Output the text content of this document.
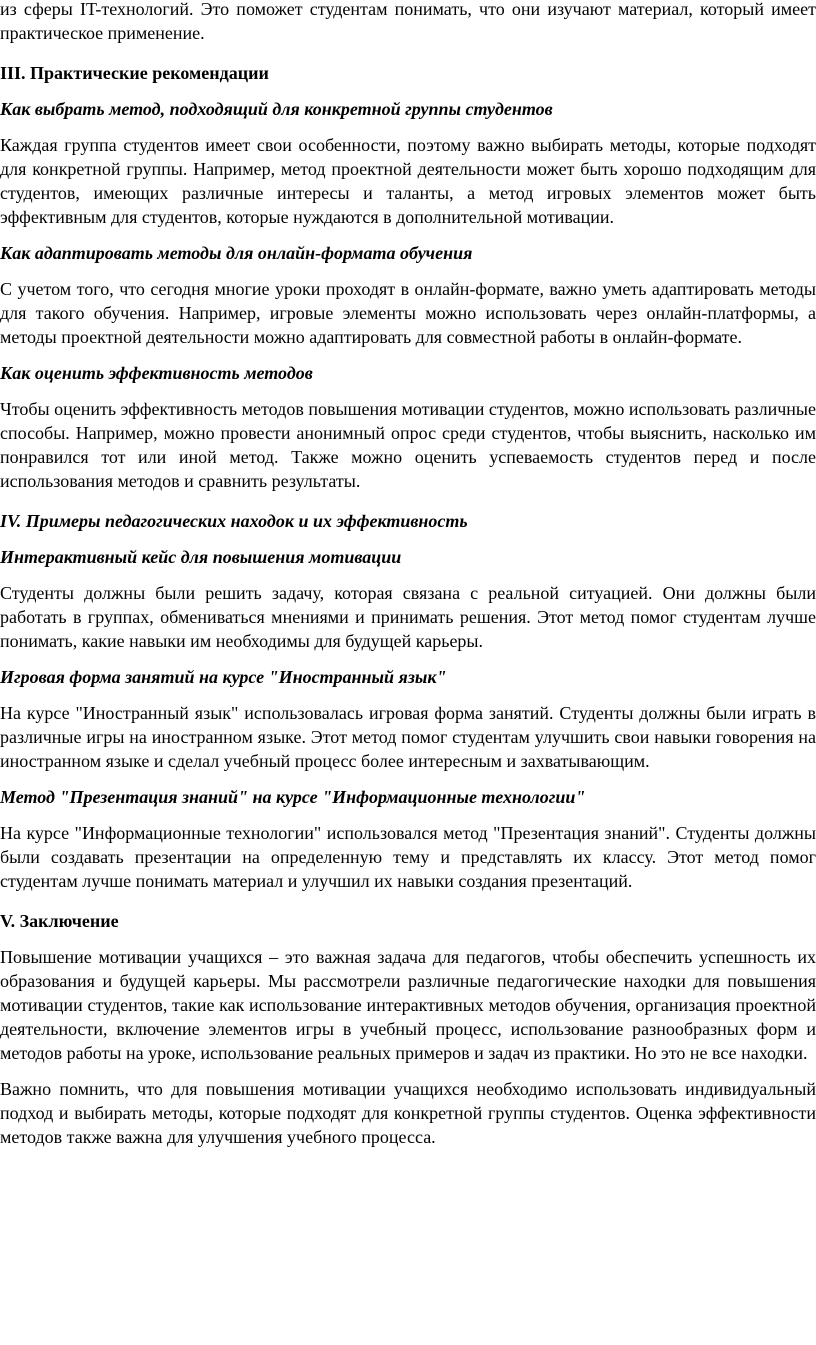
из сферы IT-технологий. Это поможет студентам понимать, что они изучают материал, который имеет практическое применение.

III. Практические рекомендации
Как выбрать метод, подходящий для конкретной группы студентов

Каждая группа студентов имеет свои особенности, поэтому важно выбирать методы, которые подходят для конкретной группы. Например, метод проектной деятельности может быть хорошо подходящим для студентов, имеющих различные интересы и таланты, а метод игровых элементов может быть эффективным для студентов, которые нуждаются в дополнительной мотивации.

Как адаптировать методы для онлайн-формата обучения

С учетом того, что сегодня многие уроки проходят в онлайн-формате, важно уметь адаптировать методы для такого обучения. Например, игровые элементы можно использовать через онлайн-платформы, а методы проектной деятельности можно адаптировать для совместной работы в онлайн-формате.

Как оценить эффективность методов

Чтобы оценить эффективность методов повышения мотивации студентов, можно использовать различные способы. Например, можно провести анонимный опрос среди студентов, чтобы выяснить, насколько им понравился тот или иной метод. Также можно оценить успеваемость студентов перед и после использования методов и сравнить результаты.

IV. Примеры педагогических находок и их эффективность
Интерактивный кейс для повышения мотивации

Студенты должны были решить задачу, которая связана с реальной ситуацией. Они должны были работать в группах, обмениваться мнениями и принимать решения. Этот метод помог студентам лучше понимать, какие навыки им необходимы для будущей карьеры.

Игровая форма занятий на курсе "Иностранный язык"

На курсе "Иностранный язык" использовалась игровая форма занятий. Студенты должны были играть в различные игры на иностранном языке. Этот метод помог студентам улучшить свои навыки говорения на иностранном языке и сделал учебный процесс более интересным и захватывающим.

Метод "Презентация знаний" на курсе "Информационные технологии"

На курсе "Информационные технологии" использовался метод "Презентация знаний". Студенты должны были создавать презентации на определенную тему и представлять их классу. Этот метод помог студентам лучше понимать материал и улучшил их навыки создания презентаций.

V. Заключение

Повышение мотивации учащихся – это важная задача для педагогов, чтобы обеспечить успешность их образования и будущей карьеры. Мы рассмотрели различные педагогические находки для повышения мотивации студентов, такие как использование интерактивных методов обучения, организация проектной деятельности, включение элементов игры в учебный процесс, использование разнообразных форм и методов работы на уроке, использование реальных примеров и задач из практики. Но это не все находки.

Важно помнить, что для повышения мотивации учащихся необходимо использовать индивидуальный подход и выбирать методы, которые подходят для конкретной группы студентов. Оценка эффективности методов также важна для улучшения учебного процесса.
